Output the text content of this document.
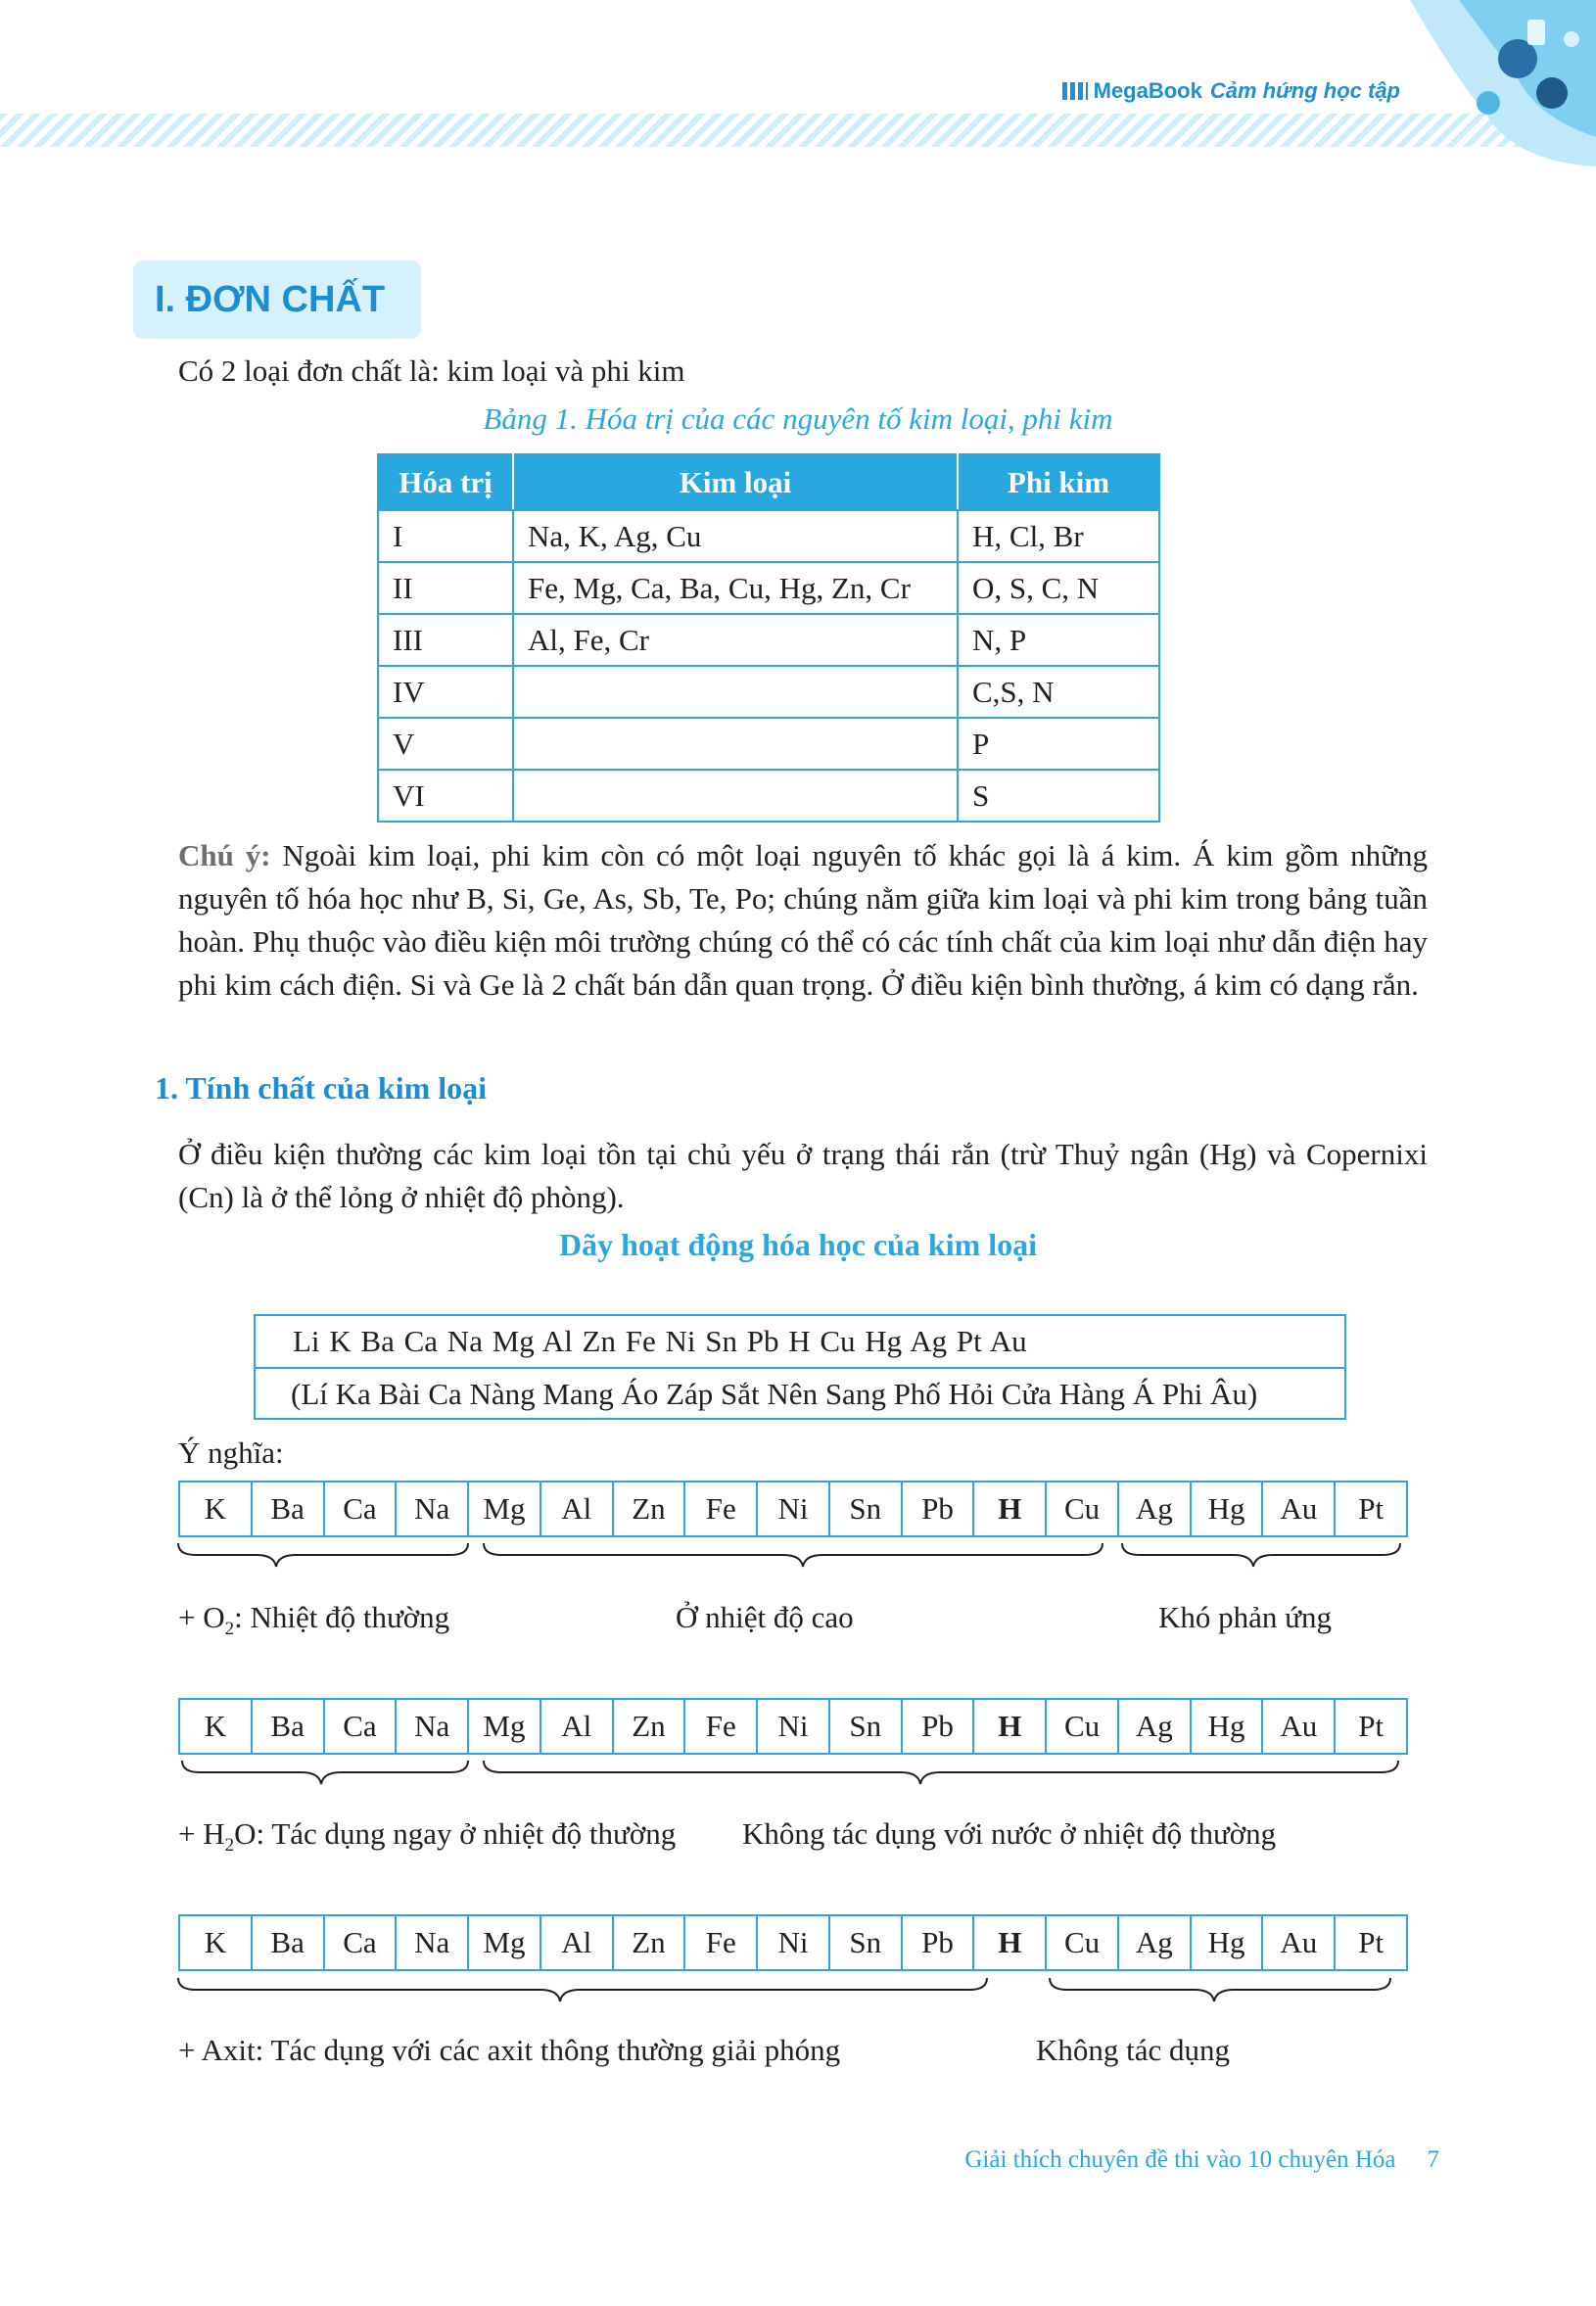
MegaBook Cảm hứng học tập
I. ĐƠN CHẤT
Có 2 loại đơn chất là: kim loại và phi kim
Bảng 1. Hóa trị của các nguyên tố kim loại, phi kim
Hóa trị	Kim loại	Phi kim
I	Na, K, Ag, Cu	H, Cl, Br
II	Fe, Mg, Ca, Ba, Cu, Hg, Zn, Cr	O, S, C, N
III	Al, Fe, Cr	N, P
IV		C,S, N
V		P
VI		S
Chú ý: Ngoài kim loại, phi kim còn có một loại nguyên tố khác gọi là á kim. Á kim gồm những nguyên tố hóa học như B, Si, Ge, As, Sb, Te, Po; chúng nằm giữa kim loại và phi kim trong bảng tuần hoàn. Phụ thuộc vào điều kiện môi trường chúng có thể có các tính chất của kim loại như dẫn điện hay phi kim cách điện. Si và Ge là 2 chất bán dẫn quan trọng. Ở điều kiện bình thường, á kim có dạng rắn.
1. Tính chất của kim loại
Ở điều kiện thường các kim loại tồn tại chủ yếu ở trạng thái rắn (trừ Thuỷ ngân (Hg) và Copernixi (Cn) là ở thể lỏng ở nhiệt độ phòng).
Dãy hoạt động hóa học của kim loại
Li K Ba Ca Na Mg Al Zn Fe Ni Sn Pb H Cu Hg Ag Pt Au
(Lí Ka Bài Ca Nàng Mang Áo Záp Sắt Nên Sang Phố Hỏi Cửa Hàng Á Phi Âu)
Ý nghĩa:
K	Ba	Ca	Na	Mg	Al	Zn	Fe	Ni	Sn	Pb	H	Cu	Ag	Hg	Au	Pt
+ $O_2$: Nhiệt độ thường	Ở nhiệt độ cao	Khó phản ứng
K	Ba	Ca	Na	Mg	Al	Zn	Fe	Ni	Sn	Pb	H	Cu	Ag	Hg	Au	Pt
+ $H_2O$: Tác dụng ngay ở nhiệt độ thường Không tác dụng với nước ở nhiệt độ thường
K	Ba	Ca	Na	Mg	Al	Zn	Fe	Ni	Sn	Pb	H	Cu	Ag	Hg	Au	Pt
+ Axit: Tác dụng với các axit thông thường giải phóng	Không tác dụng
Giải thích chuyên đề thi vào 10 chuyên Hóa 7
